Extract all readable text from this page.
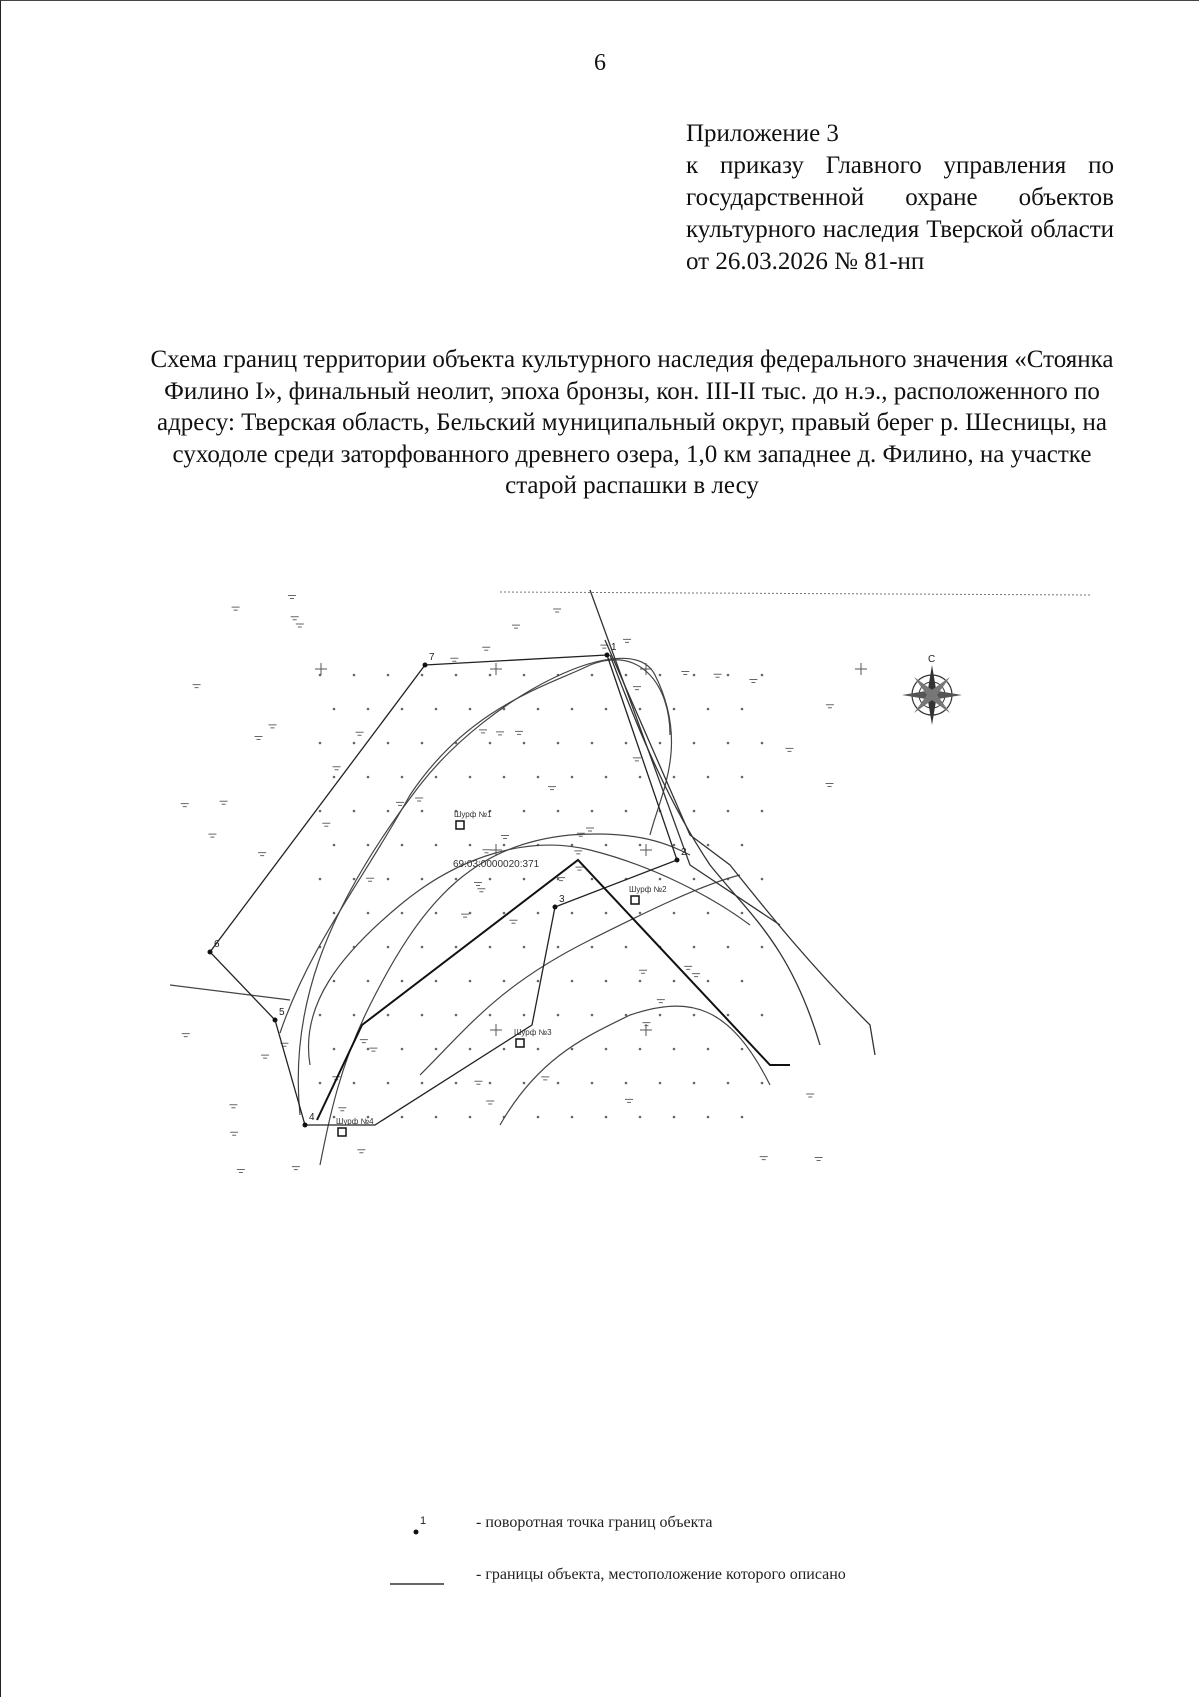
6
Приложение 3
к приказу Главного управления по государственной охране объектов культурного наследия Тверской области от 26.03.2026 № 81-нп
Схема границ территории объекта культурного наследия федерального значения «Стоянка Филино I», финальный неолит, эпоха бронзы, кон. III-II тыс. до н.э., расположенного по адресу: Тверская область, Бельский муниципальный округ, правый берег р. Шесницы, на суходоле среди заторфованного древнего озера, 1,0 км западнее д. Филино, на участке старой распашки в лесу
1
2
3
4
5
6
7
Шурф №1
Шурф №2
Шурф №3
Шурф №4
69:03:0000020:371
С
1	- поворотная точка границ объекта
- границы объекта, местоположение которого описано
